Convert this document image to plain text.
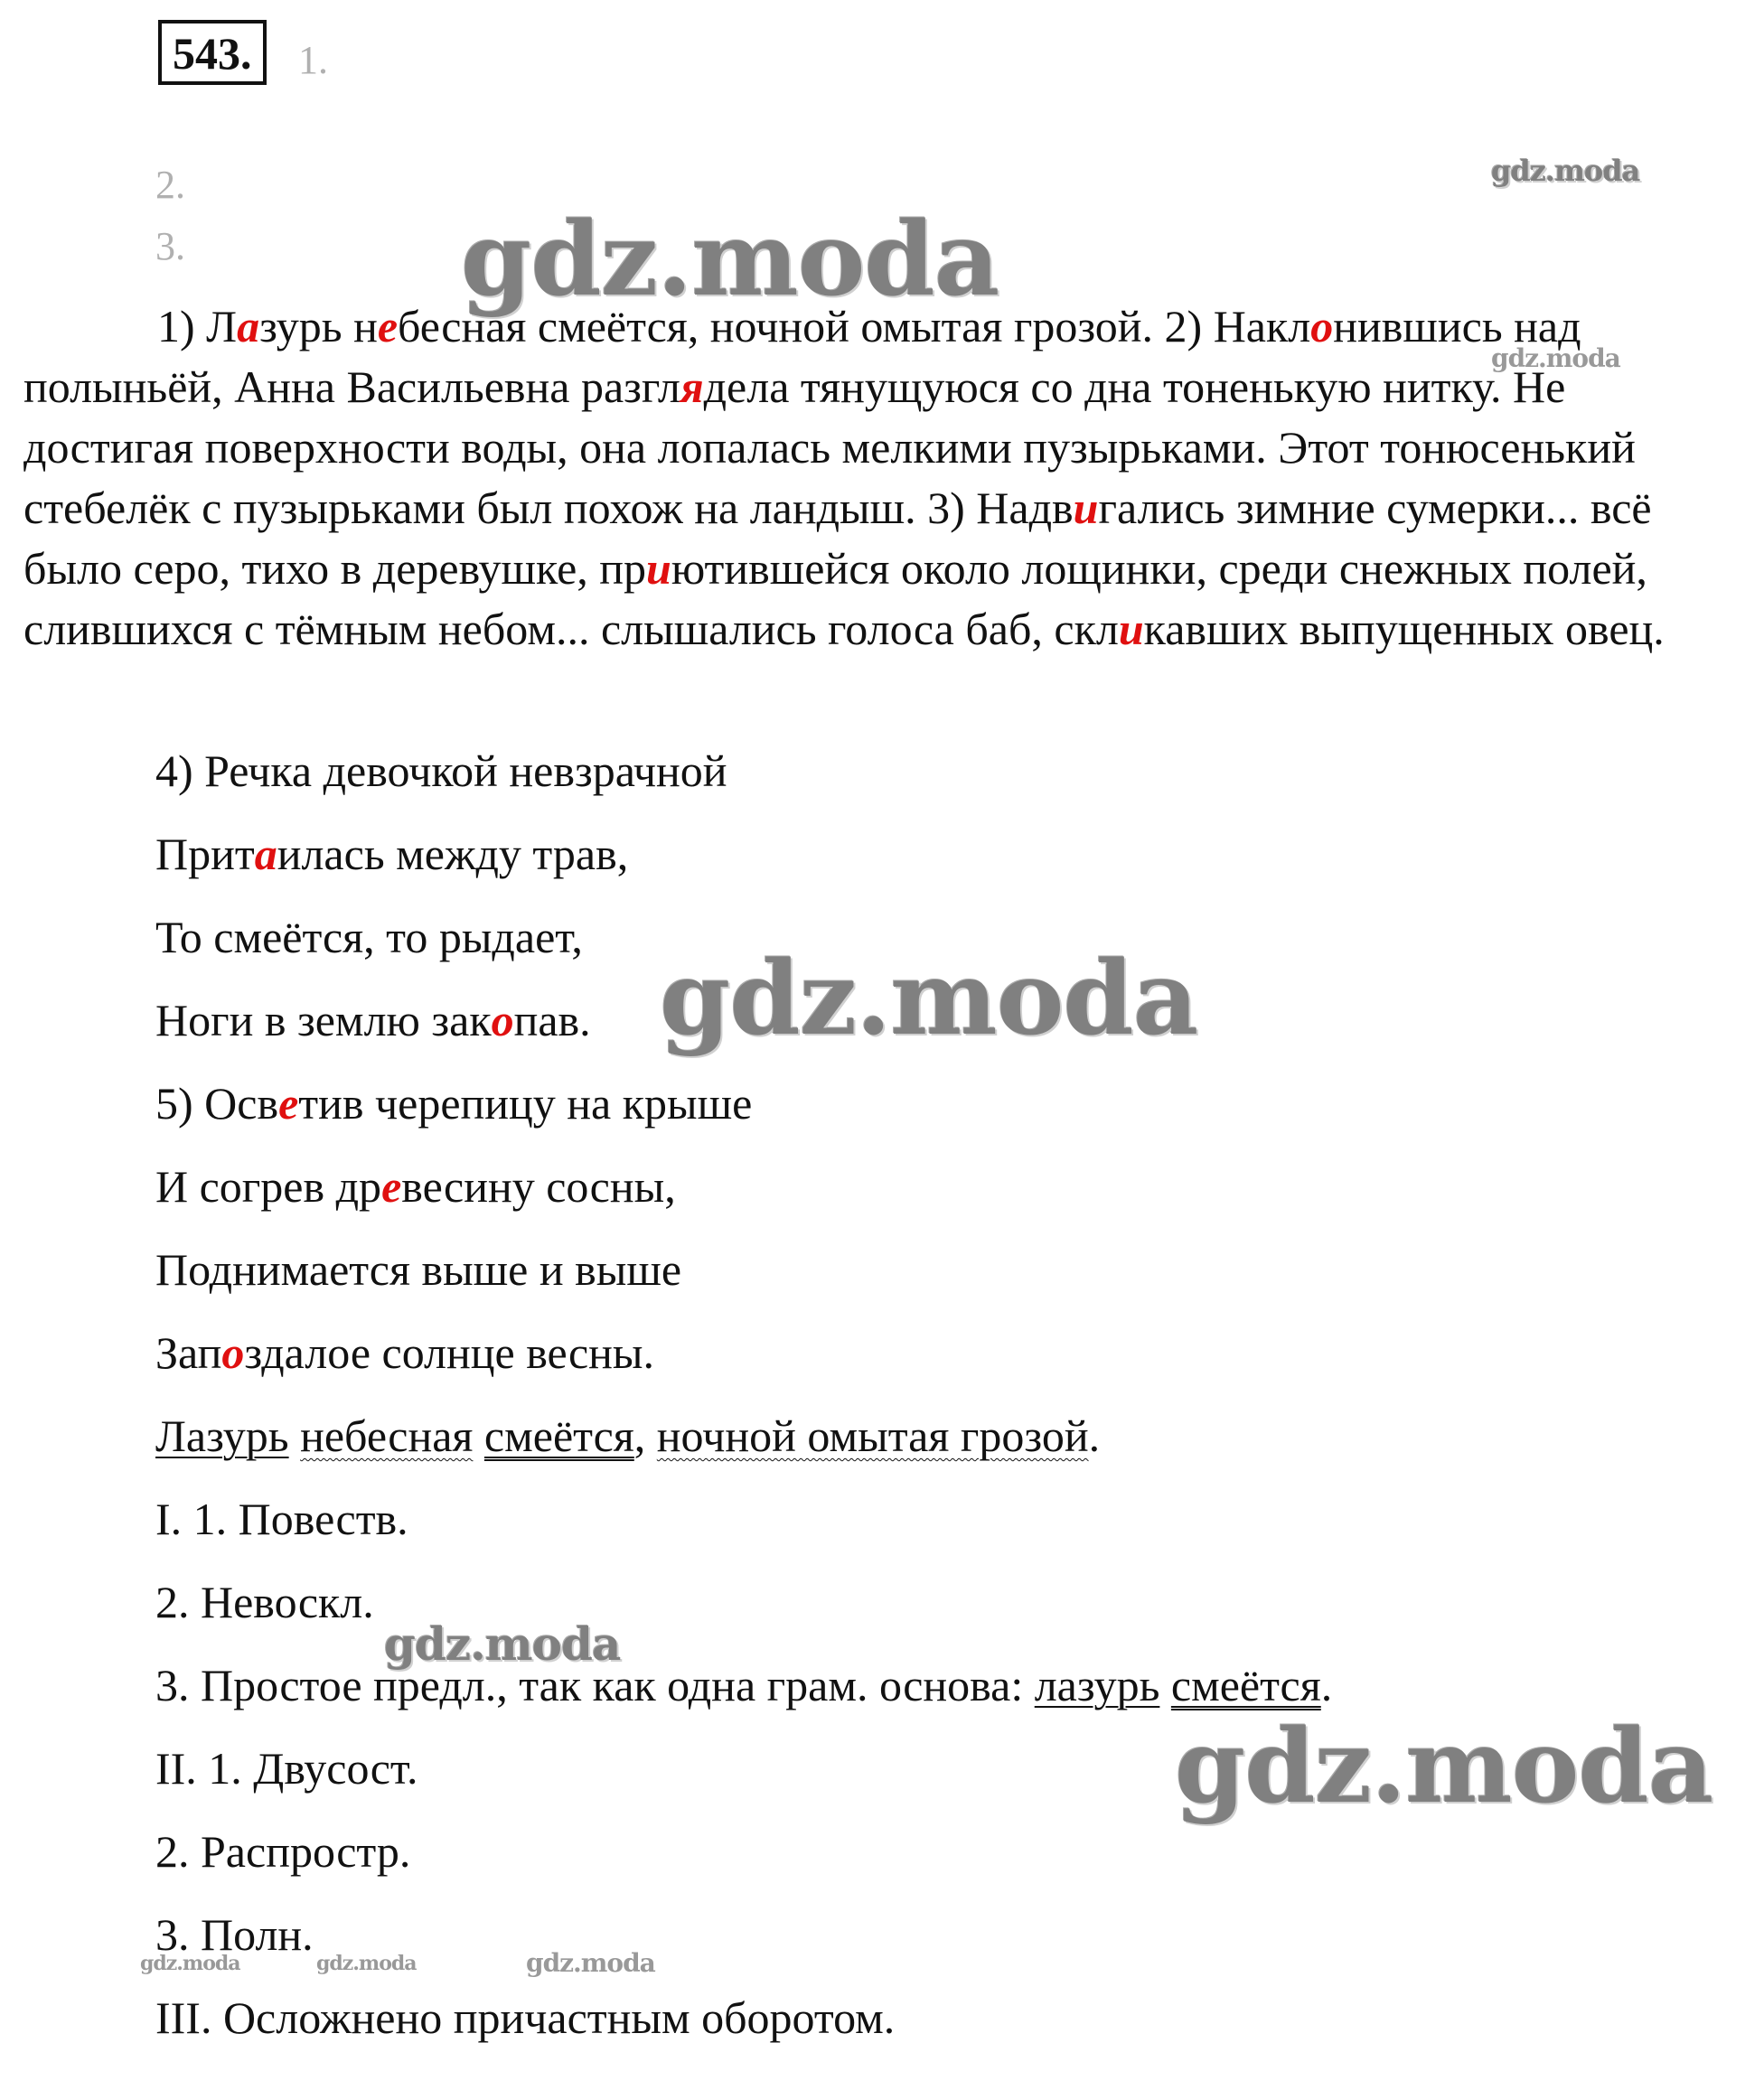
543.	1.
2.
3.
gdz.moda
gdz.moda
gdz.moda

1) Лазурь небесная смеётся, ночной омытая грозой. 2) Наклонившись над полыньёй, Анна Васильевна разглядела тянущуюся со дна тоненькую нитку. Не достигая поверхности воды, она лопалась мелкими пузырьками. Этот тонюсенький стебелёк с пузырьками был похож на ландыш. 3) Надвигались зимние сумерки... всё было серо, тихо в деревушке, приютившейся около лощинки, среди снежных полей, слившихся с тёмным небом... слышались голоса баб, скликавших выпущенных овец.

4) Речка девочкой невзрачной
Притаилась между трав,
То смеётся, то рыдает,
Ноги в землю закопав. gdz.moda
5) Осветив черепицу на крыше
И согрев древесину сосны,
Поднимается выше и выше
Запоздалое солнце весны.
Лазурь небесная смеётся, ночной омытая грозой.
I. 1. Повеств.
2. Невоскл.
gdz.moda
3. Простое предл., так как одна грам. основа: лазурь смеётся.
II. 1. Двусост.	gdz.moda
2. Распростр.
3. Полн.
gdz.moda	gdz.moda	gdz.moda
III. Осложнено причастным оборотом.
